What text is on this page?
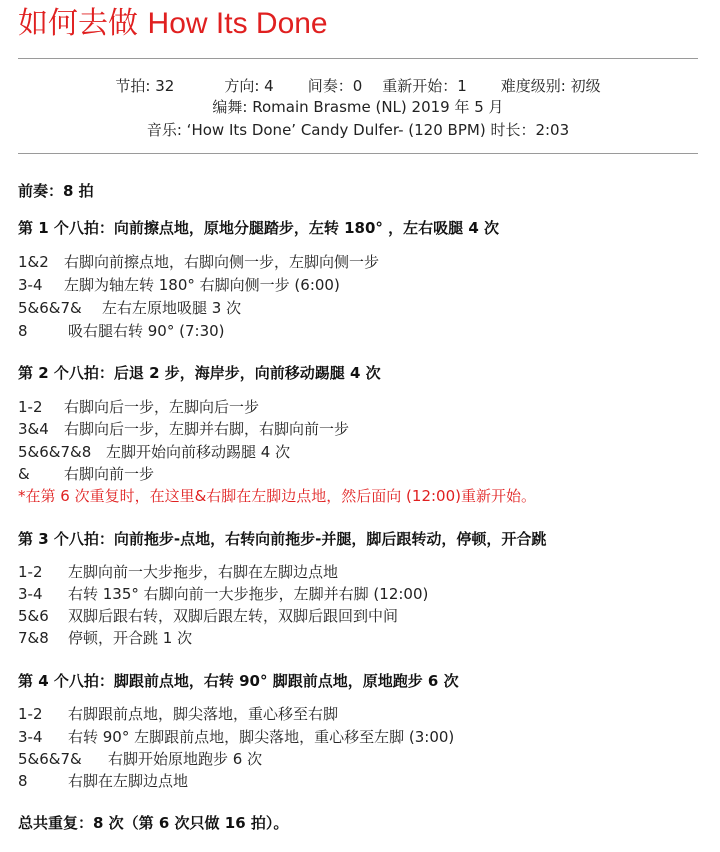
如何去做 How Its Done
节拍: 32	方向: 4 间奏：0 重新开始：1 难度级别: 初级
编舞: Romain Brasme (NL) 2019 年 5 月
音乐: ‘How Its Done’ Candy Dulfer- (120 BPM) 时长：2:03
前奏：8 拍
第 1 个八拍：向前擦点地，原地分腿踏步，左转 180° ，左右吸腿 4 次
1&2 右脚向前擦点地，右脚向侧一步，左脚向侧一步
3-4 左脚为轴左转 180° 右脚向侧一步 (6:00)
5&6&7& 左右左原地吸腿 3 次
8	吸右腿右转 90° (7:30)
第 2 个八拍：后退 2 步，海岸步，向前移动踢腿 4 次
1-2 右脚向后一步，左脚向后一步
3&4 右脚向后一步，左脚并右脚，右脚向前一步
5&6&7&8 左脚开始向前移动踢腿 4 次
& 右脚向前一步
*在第 6 次重复时，在这里&右脚在左脚边点地，然后面向 (12:00)重新开始。
第 3 个八拍：向前拖步-点地，右转向前拖步-并腿，脚后跟转动，停顿，开合跳
1-2 左脚向前一大步拖步，右脚在左脚边点地
3-4 右转 135° 右脚向前一大步拖步，左脚并右脚 (12:00)
5&6 双脚后跟右转，双脚后跟左转，双脚后跟回到中间
7&8 停顿，开合跳 1 次
第 4 个八拍：脚跟前点地，右转 90° 脚跟前点地，原地跑步 6 次
1-2 右脚跟前点地，脚尖落地，重心移至右脚
3-4 右转 90° 左脚跟前点地，脚尖落地，重心移至左脚 (3:00)
5&6&7& 右脚开始原地跑步 6 次
8	右脚在左脚边点地
总共重复：8 次（第 6 次只做 16 拍）。
